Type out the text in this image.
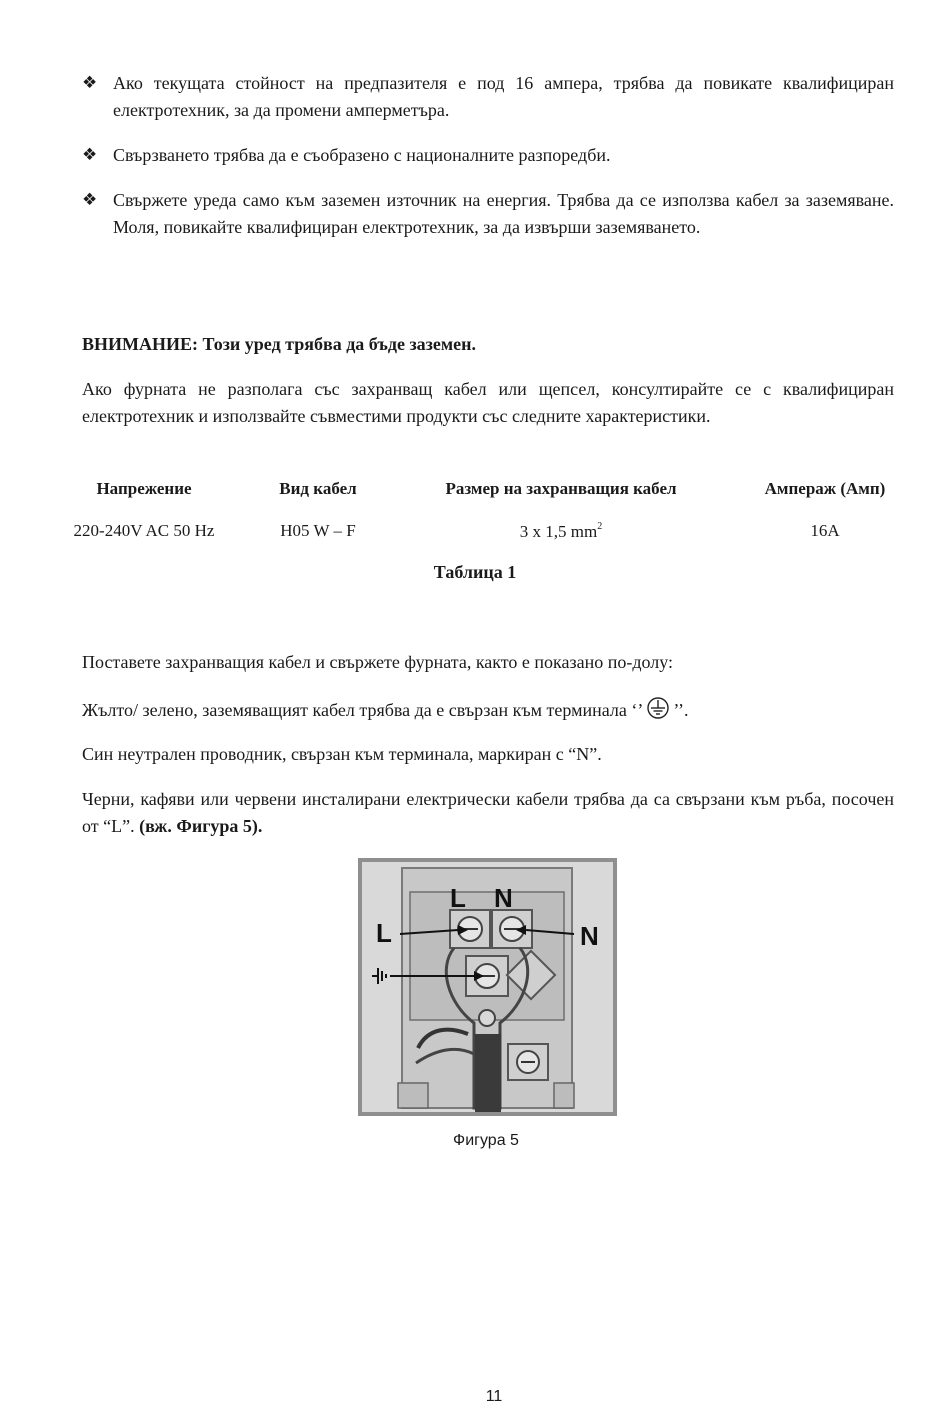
❖ Ако текущата стойност на предпазителя е под 16 ампера, трябва да повикате квалифициран електротехник, за да промени амперметъра.
❖ Свързването трябва да е съобразено с националните разпоредби.
❖ Свържете уреда само към заземен източник на енергия. Трябва да се използва кабел за заземяване. Моля, повикайте квалифициран електротехник, за да извърши заземяването.

ВНИМАНИЕ: Този уред трябва да бъде заземен.

Ако фурната не разполага със захранващ кабел или щепсел, консултирайте се с квалифициран електротехник и използвайте съвместими продукти със следните характеристики.

Напрежение	Вид кабел	Размер на захранващия кабел	Ампераж (Амп)
220-240V AC 50 Hz	H05 W – F	3 x 1,5 $mm^2$	16A

Таблица 1

Поставете захранващия кабел и свържете фурната, както е показано по-долу:

Жълто/ зелено, заземяващият кабел трябва да е свързан към терминала ‘’ ’’.

Син неутрален проводник, свързан към терминала, маркиран с “N”.

Черни, кафяви или червени инсталирани електрически кабели трябва да са свързани към ръба, посочен от “L”. (вж. Фигура 5).

L N
L	N

Фигура 5

11
